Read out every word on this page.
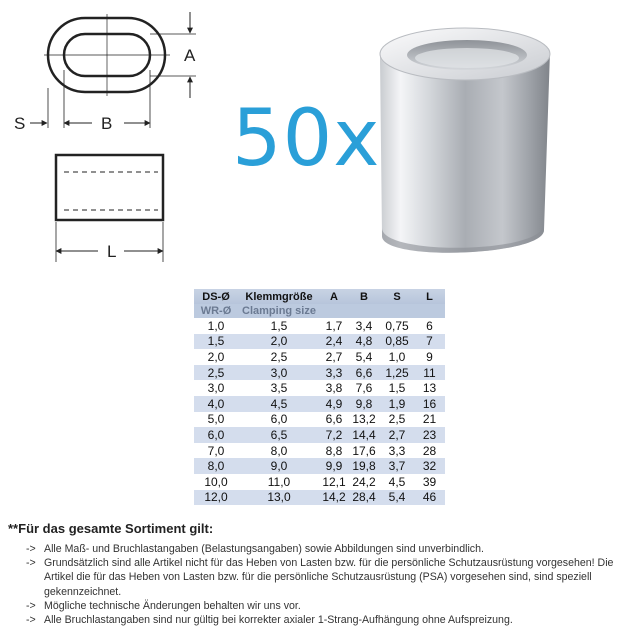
A
B
S
L
50x
DS-Ø	Klemmgröße	A	B	S	L
WR-Ø	Clamping size				
1,0	1,5	1,7	3,4	0,75	6
1,5	2,0	2,4	4,8	0,85	7
2,0	2,5	2,7	5,4	1,0	9
2,5	3,0	3,3	6,6	1,25	11
3,0	3,5	3,8	7,6	1,5	13
4,0	4,5	4,9	9,8	1,9	16
5,0	6,0	6,6	13,2	2,5	21
6,0	6,5	7,2	14,4	2,7	23
7,0	8,0	8,8	17,6	3,3	28
8,0	9,0	9,9	19,8	3,7	32
10,0	11,0	12,1	24,2	4,5	39
12,0	13,0	14,2	28,4	5,4	46
**Für das gesamte Sortiment gilt:
-> Alle Maß- und Bruchlastangaben (Belastungsangaben) sowie Abbildungen sind unverbindlich.
-> Grundsätzlich sind alle Artikel nicht für das Heben von Lasten bzw. für die persönliche Schutzausrüstung vorgesehen! Die Artikel die für das Heben von Lasten bzw. für die persönliche Schutzausrüstung (PSA) vorgesehen sind, sind speziell gekennzeichnet.
-> Mögliche technische Änderungen behalten wir uns vor.
-> Alle Bruchlastangaben sind nur gültig bei korrekter axialer 1-Strang-Aufhängung ohne Aufspreizung.
